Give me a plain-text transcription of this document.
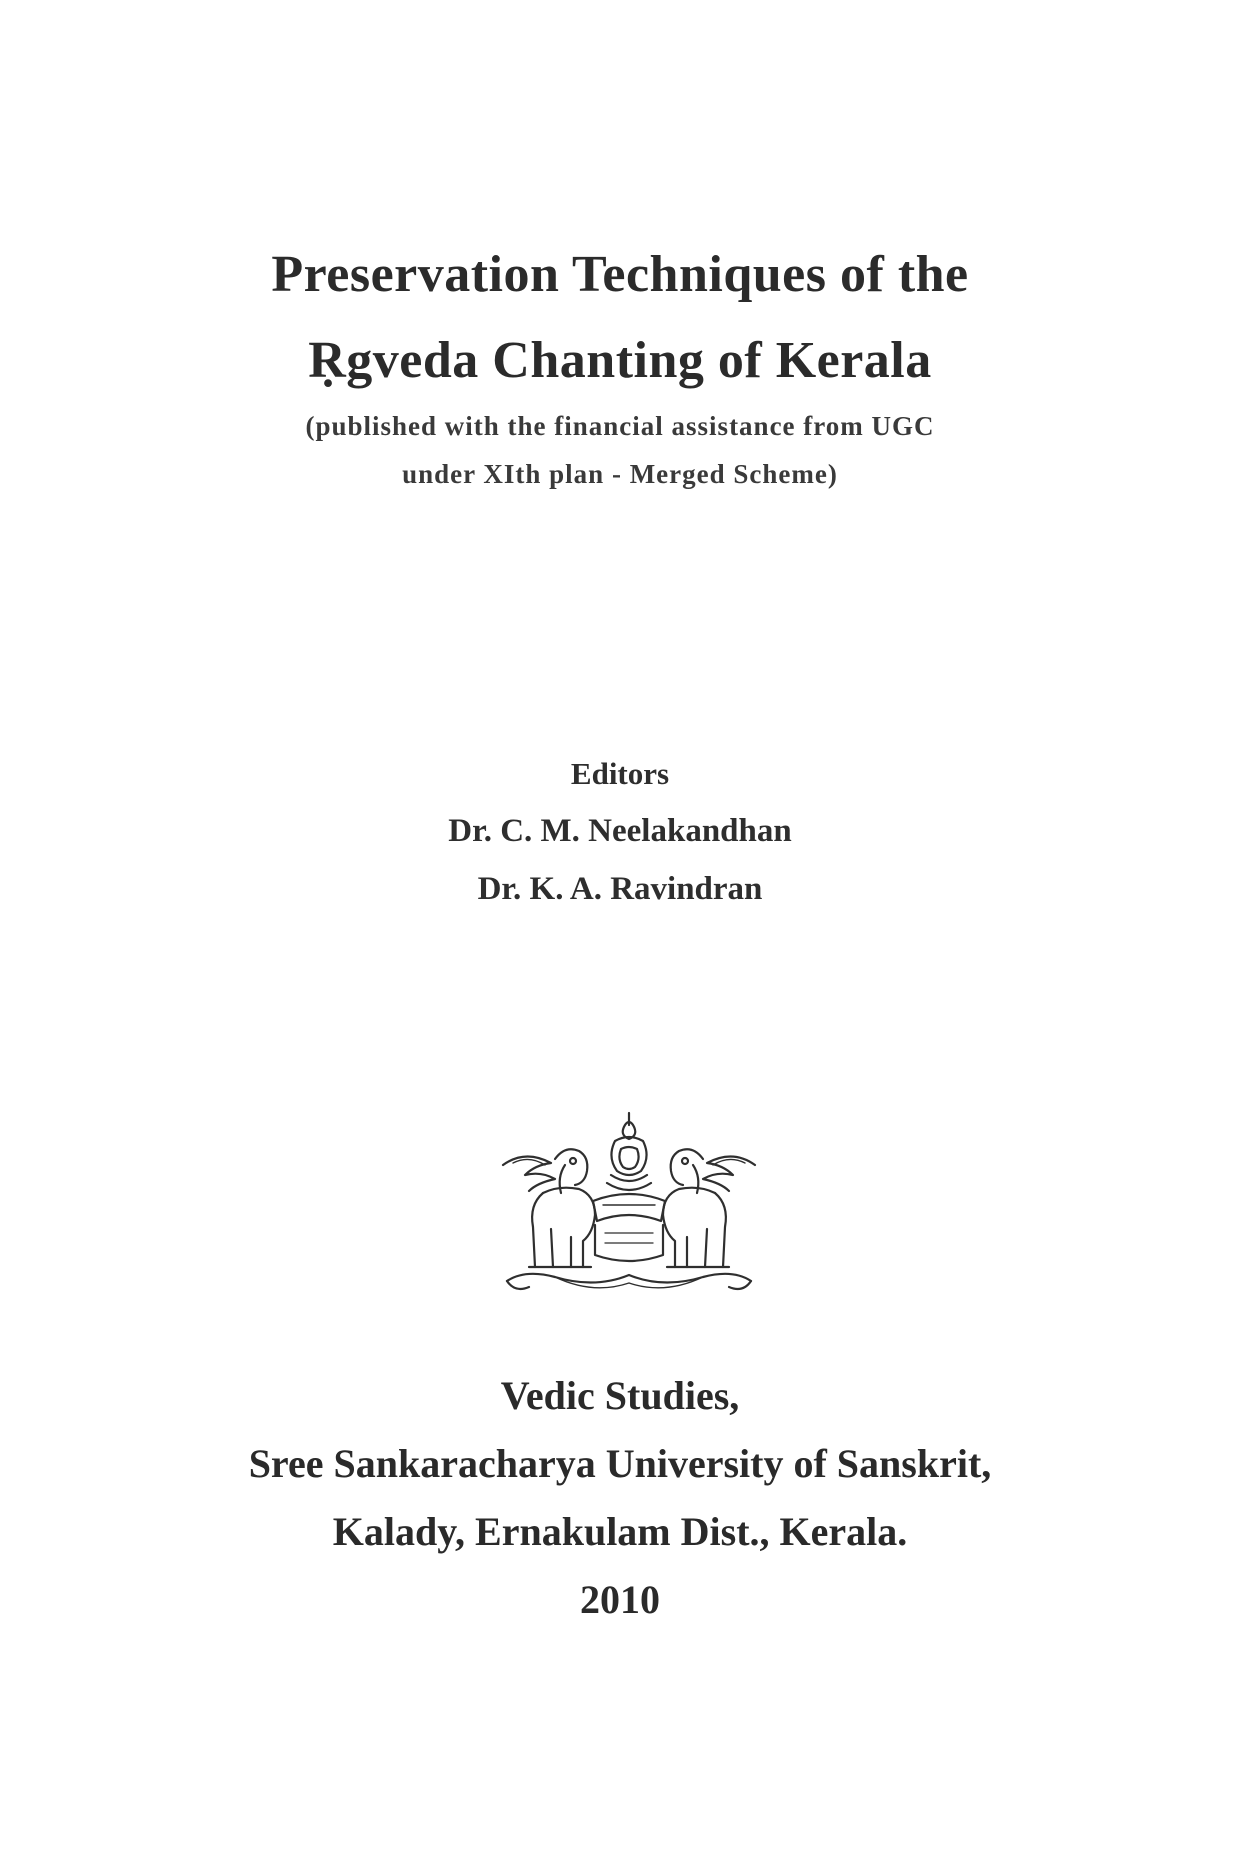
Preservation Techniques of the
Ṛgveda Chanting of Kerala
(published with the financial assistance from UGC
under XIth plan - Merged Scheme)
Editors
Dr. C. M. Neelakandhan
Dr. K. A. Ravindran
Vedic Studies,
Sree Sankaracharya University of Sanskrit,
Kalady, Ernakulam Dist., Kerala.
2010
